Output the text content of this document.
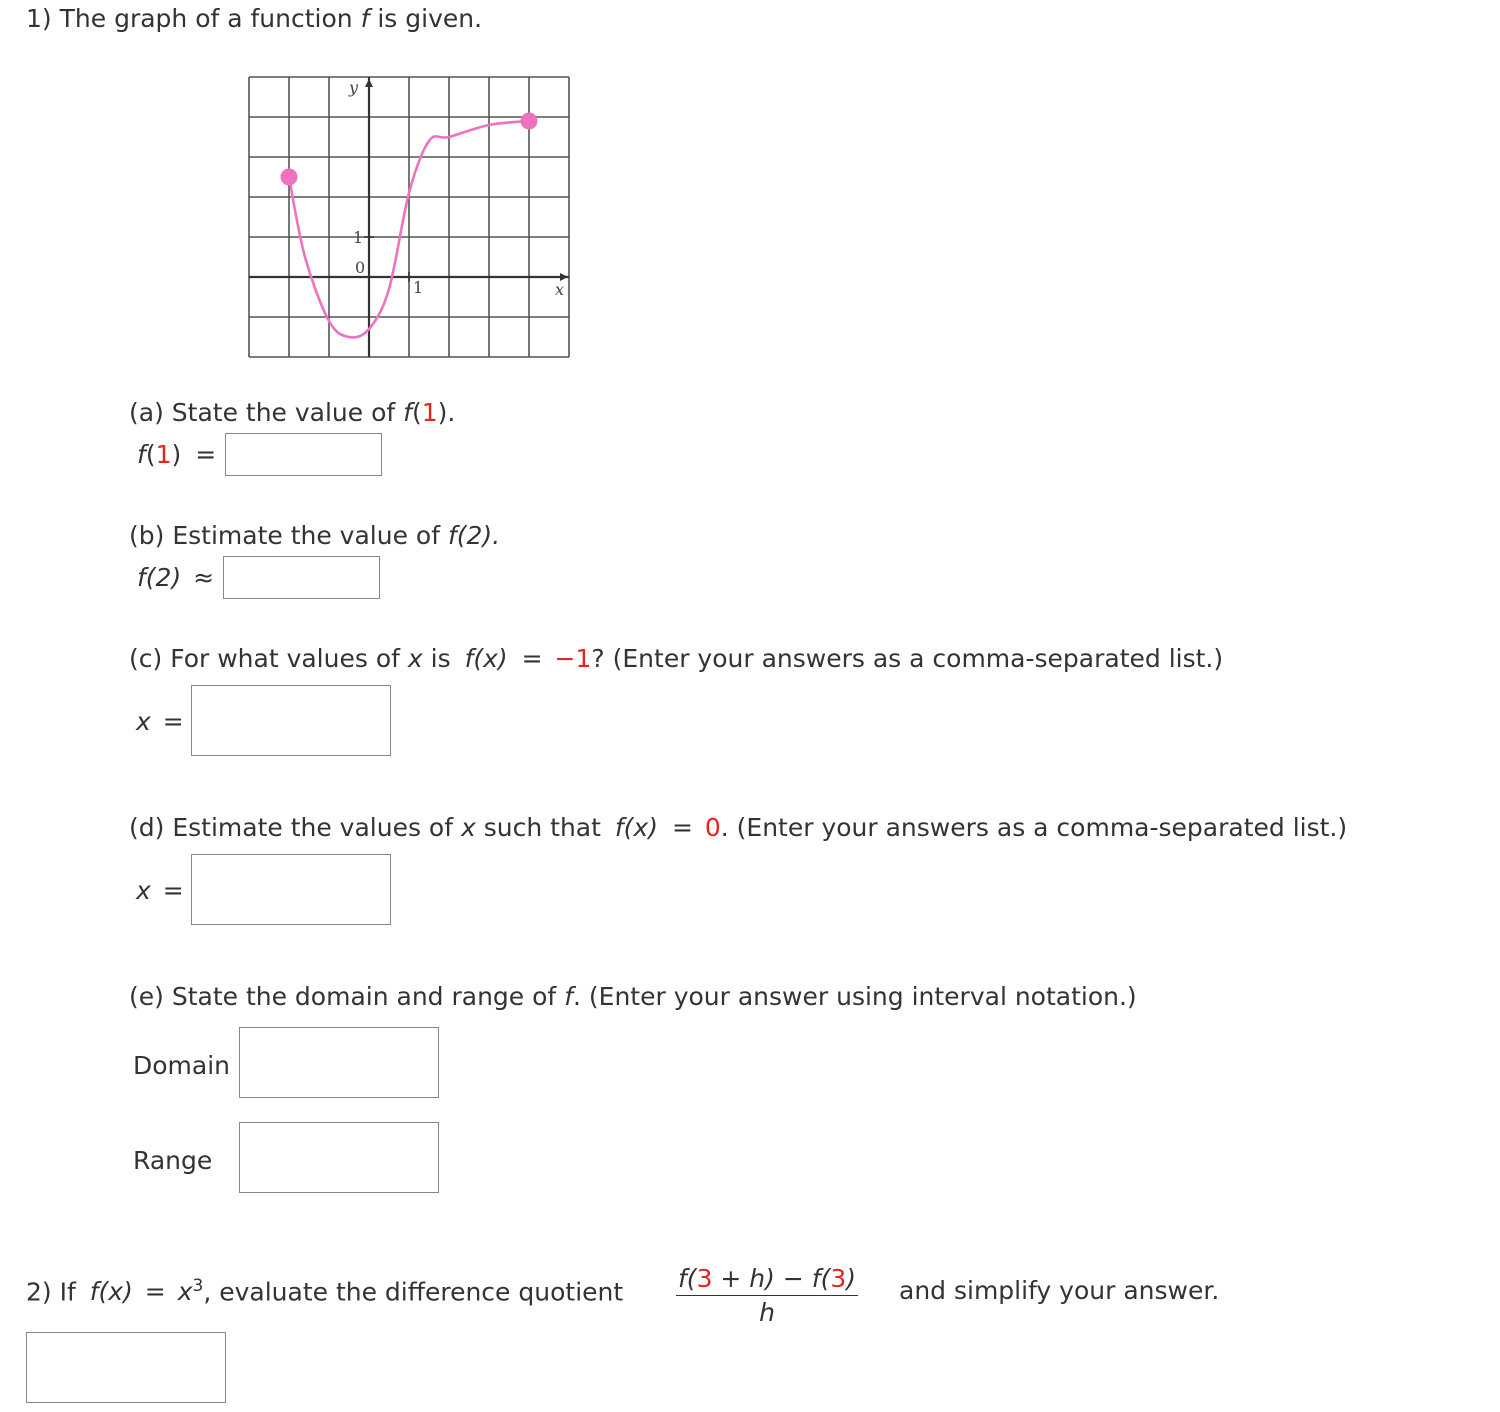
1) The graph of a function f is given.
y
x
0
1
1
(a) State the value of f(1).
f(1) =
(b) Estimate the value of f(2).
f(2) ≈
(c) For what values of x is f(x) = −1? (Enter your answers as a comma-separated list.)
x =
(d) Estimate the values of x such that f(x) = 0. (Enter your answers as a comma-separated list.)
x =
(e) State the domain and range of f. (Enter your answer using interval notation.)
Domain
Range
2) If $f(x) = x^3$, evaluate the difference quotient $\frac{f(3 + h) - f(3)}{h}$ and simplify your answer.
